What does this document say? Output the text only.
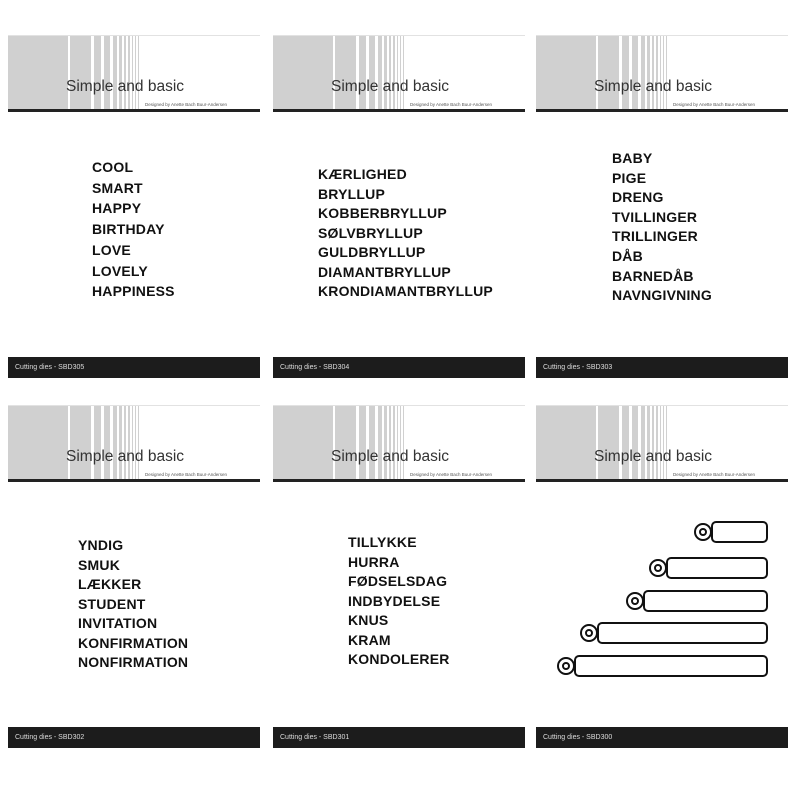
Simple and basic
Designed by Anette Bach Buur-Andersen
COOL
SMART
HAPPY
BIRTHDAY
LOVE
LOVELY
HAPPINESS
Cutting dies - SBD305
Simple and basic
Designed by Anette Bach Buur-Andersen
KÆRLIGHED
BRYLLUP
KOBBERBRYLLUP
SØLVBRYLLUP
GULDBRYLLUP
DIAMANTBRYLLUP
KRONDIAMANTBRYLLUP
Cutting dies - SBD304
Simple and basic
Designed by Anette Bach Buur-Andersen
BABY
PIGE
DRENG
TVILLINGER
TRILLINGER
DÅB
BARNEDÅB
NAVNGIVNING
Cutting dies - SBD303
Simple and basic
Designed by Anette Bach Buur-Andersen
YNDIG
SMUK
LÆKKER
STUDENT
INVITATION
KONFIRMATION
NONFIRMATION
Cutting dies - SBD302
Simple and basic
Designed by Anette Bach Buur-Andersen
TILLYKKE
HURRA
FØDSELSDAG
INDBYDELSE
KNUS
KRAM
KONDOLERER
Cutting dies - SBD301
Simple and basic
Designed by Anette Bach Buur-Andersen
Cutting dies - SBD300
